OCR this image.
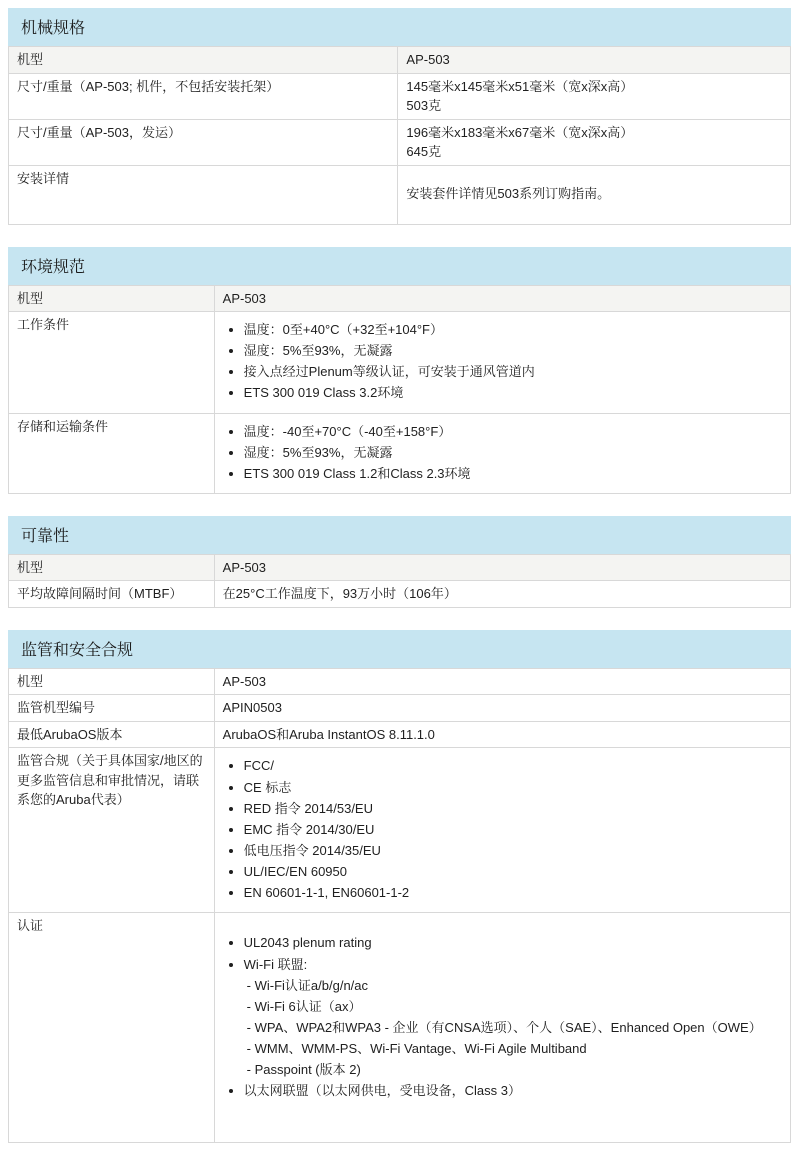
机械规格
机型	AP-503

尺寸/重量（AP-503; 机件，不包括安装托架）	145毫米x145毫米x51毫米（宽x深x高）
503克

尺寸/重量（AP-503，发运）	196毫米x183毫米x67毫米（宽x深x高）
645克

安装详情	安装套件详情见503系列订购指南。
环境规范
机型	AP-503

工作条件	
•温度：0至+40°C（+32至+104°F）
• 湿度：5%至93%，无凝露
• 接入点经过Plenum等级认证，可安装于通风管道内
• ETS 300 019 Class 3.2环境

存储和运输条件	
•温度：-40至+70°C（-40至+158°F）
• 湿度：5%至93%，无凝露
• ETS 300 019 Class 1.2和Class 2.3环境
可靠性
机型	AP-503

平均故障间隔时间（MTBF）	在25°C工作温度下，93万小时（106年）
监管和安全合规
机型	AP-503

监管机型编号	APIN0503

最低ArubaOS版本	ArubaOS和Aruba InstantOS 8.11.1.0

监管合规（关于具体国家/地区的更多监管信息和审批情况，请联系您的Aruba代表）	
• FCC/
• CE 标志
• RED 指令 2014/53/EU
• EMC 指令 2014/30/EU
• 低电压指令 2014/35/EU
• UL/IEC/EN 60950
• EN 60601-1-1, EN60601-1-2

认证	
• UL2043 plenum rating
• Wi-Fi 联盟:
- Wi-Fi认证a/b/g/n/ac
- Wi-Fi 6认证（ax）
- WPA、WPA2和WPA3 - 企业（有CNSA选项）、个人（SAE）、Enhanced Open（OWE）
- WMM、WMM-PS、Wi-Fi Vantage、Wi-Fi Agile Multiband
- Passpoint (版本 2)
• 以太网联盟（以太网供电，受电设备，Class 3）
